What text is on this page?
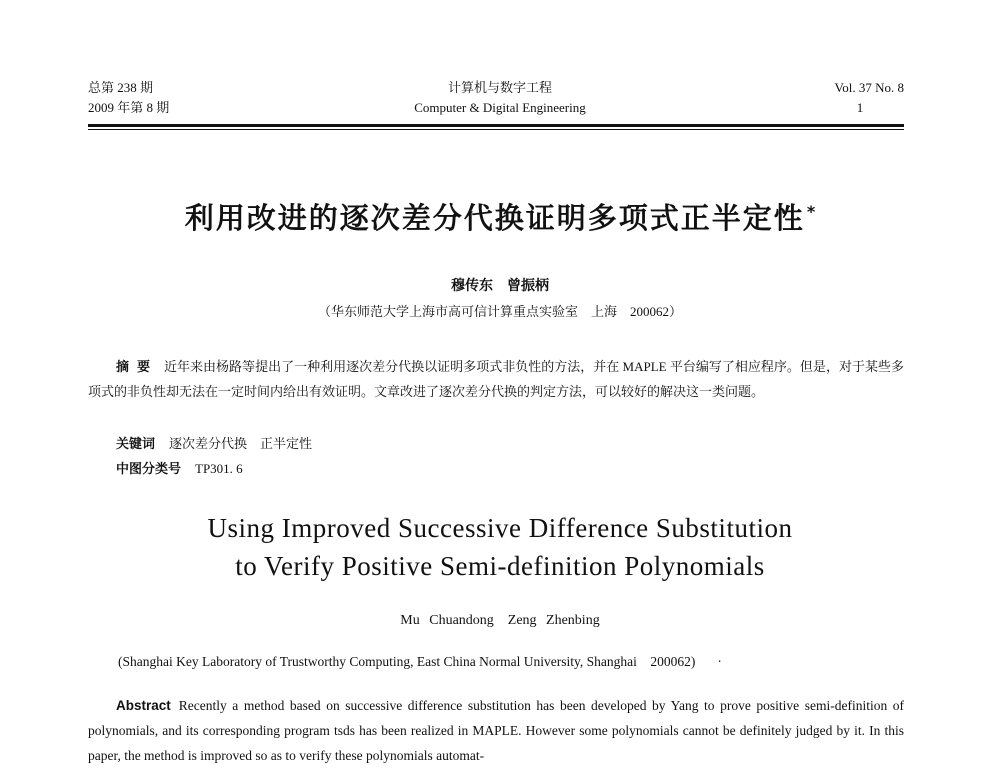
总第 238 期
2009 年第 8 期
计算机与数字工程
Computer & Digital Engineering
Vol. 37 No. 8
1
利用改进的逐次差分代换证明多项式正半定性 *
穆传东　曾振柄
（华东师范大学上海市高可信计算重点实验室　上海　200062）
摘要 近年来由杨路等提出了一种利用逐次差分代换以证明多项式非负性的方法，并在 MAPLE 平台编写了相应程序。但是，对于某些多项式的非负性却无法在一定时间内给出有效证明。文章改进了逐次差分代换的判定方法，可以较好的解决这一类问题。
关键词 逐次差分代换　正半定性
中图分类号 TP301. 6
Using Improved Successive Difference Substitution
to Verify Positive Semi-definition Polynomials
Mu Chuandong　Zeng Zhenbing
(Shanghai Key Laboratory of Trustworthy Computing, East China Normal University, Shanghai　200062) ·
Abstract Recently a method based on successive difference substitution has been developed by Yang to prove positive semi-definition of polynomials, and its corresponding program tsds has been realized in MAPLE. However some polynomials cannot be definitely judged by it. In this paper, the method is improved so as to verify these polynomials automat-
